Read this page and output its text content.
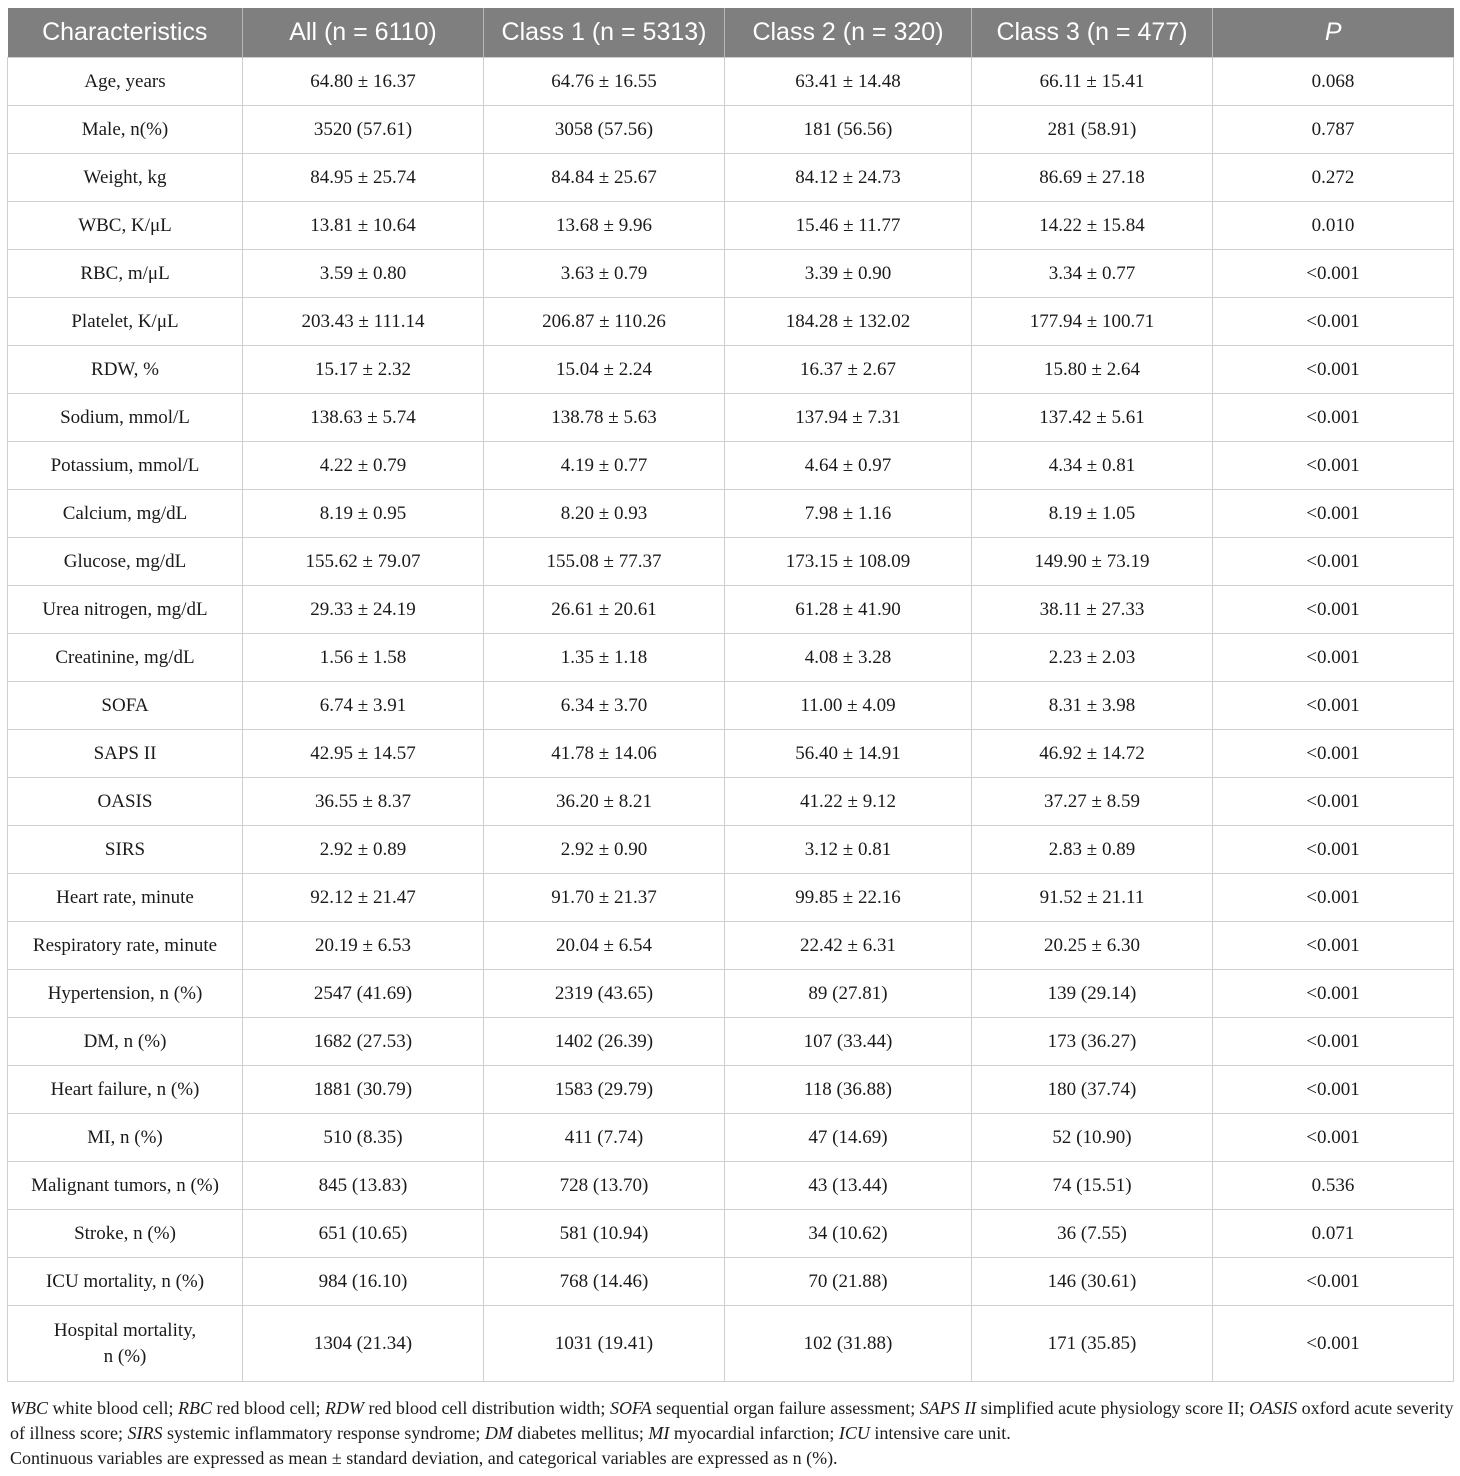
Characteristics	All (n = 6110)	Class 1 (n = 5313)	Class 2 (n = 320)	Class 3 (n = 477)	P
Age, years	64.80 ± 16.37	64.76 ± 16.55	63.41 ± 14.48	66.11 ± 15.41	0.068
Male, n(%)	3520 (57.61)	3058 (57.56)	181 (56.56)	281 (58.91)	0.787
Weight, kg	84.95 ± 25.74	84.84 ± 25.67	84.12 ± 24.73	86.69 ± 27.18	0.272
WBC, K/μL	13.81 ± 10.64	13.68 ± 9.96	15.46 ± 11.77	14.22 ± 15.84	0.010
RBC, m/μL	3.59 ± 0.80	3.63 ± 0.79	3.39 ± 0.90	3.34 ± 0.77	<0.001
Platelet, K/μL	203.43 ± 111.14	206.87 ± 110.26	184.28 ± 132.02	177.94 ± 100.71	<0.001
RDW, %	15.17 ± 2.32	15.04 ± 2.24	16.37 ± 2.67	15.80 ± 2.64	<0.001
Sodium, mmol/L	138.63 ± 5.74	138.78 ± 5.63	137.94 ± 7.31	137.42 ± 5.61	<0.001
Potassium, mmol/L	4.22 ± 0.79	4.19 ± 0.77	4.64 ± 0.97	4.34 ± 0.81	<0.001
Calcium, mg/dL	8.19 ± 0.95	8.20 ± 0.93	7.98 ± 1.16	8.19 ± 1.05	<0.001
Glucose, mg/dL	155.62 ± 79.07	155.08 ± 77.37	173.15 ± 108.09	149.90 ± 73.19	<0.001
Urea nitrogen, mg/dL	29.33 ± 24.19	26.61 ± 20.61	61.28 ± 41.90	38.11 ± 27.33	<0.001
Creatinine, mg/dL	1.56 ± 1.58	1.35 ± 1.18	4.08 ± 3.28	2.23 ± 2.03	<0.001
SOFA	6.74 ± 3.91	6.34 ± 3.70	11.00 ± 4.09	8.31 ± 3.98	<0.001
SAPS II	42.95 ± 14.57	41.78 ± 14.06	56.40 ± 14.91	46.92 ± 14.72	<0.001
OASIS	36.55 ± 8.37	36.20 ± 8.21	41.22 ± 9.12	37.27 ± 8.59	<0.001
SIRS	2.92 ± 0.89	2.92 ± 0.90	3.12 ± 0.81	2.83 ± 0.89	<0.001
Heart rate, minute	92.12 ± 21.47	91.70 ± 21.37	99.85 ± 22.16	91.52 ± 21.11	<0.001
Respiratory rate, minute	20.19 ± 6.53	20.04 ± 6.54	22.42 ± 6.31	20.25 ± 6.30	<0.001
Hypertension, n (%)	2547 (41.69)	2319 (43.65)	89 (27.81)	139 (29.14)	<0.001
DM, n (%)	1682 (27.53)	1402 (26.39)	107 (33.44)	173 (36.27)	<0.001
Heart failure, n (%)	1881 (30.79)	1583 (29.79)	118 (36.88)	180 (37.74)	<0.001
MI, n (%)	510 (8.35)	411 (7.74)	47 (14.69)	52 (10.90)	<0.001
Malignant tumors, n (%)	845 (13.83)	728 (13.70)	43 (13.44)	74 (15.51)	0.536
Stroke, n (%)	651 (10.65)	581 (10.94)	34 (10.62)	36 (7.55)	0.071
ICU mortality, n (%)	984 (16.10)	768 (14.46)	70 (21.88)	146 (30.61)	<0.001
Hospital mortality,
n (%)	1304 (21.34)	1031 (19.41)	102 (31.88)	171 (35.85)	<0.001
WBC white blood cell; RBC red blood cell; RDW red blood cell distribution width; SOFA sequential organ failure assessment; SAPS II simplified acute physiology score II; OASIS oxford acute severity of illness score; SIRS systemic inflammatory response syndrome; DM diabetes mellitus; MI myocardial infarction; ICU intensive care unit.
Continuous variables are expressed as mean ± standard deviation, and categorical variables are expressed as n (%).
